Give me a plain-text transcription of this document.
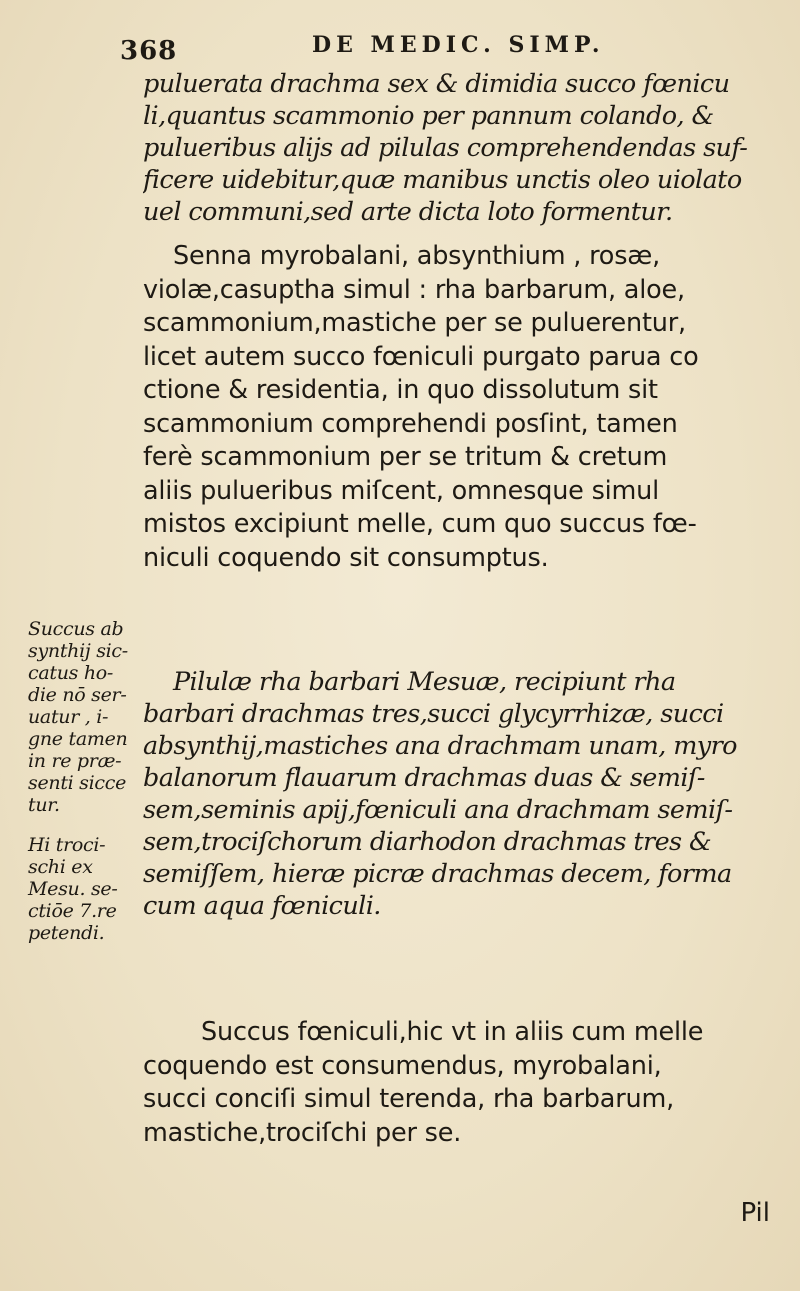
368	DE MEDIC. SIMP.
puluerata drachma sex & dimidia succo fœnicu
li,quantus scammonio per pannum colando, &
pulueribus alijs ad pilulas comprehendendas suf-
ficere uidebitur,quæ manibus unctis oleo uiolato
uel communi,sed arte dicta loto formentur.
Senna myrobalani, absynthium , rosæ,
violæ,casuptha simul : rha barbarum, aloe,
scammonium,mastiche per se puluerentur,
licet autem succo fœniculi purgato parua co
ctione & residentia, in quo dissolutum sit
scammonium comprehendi posſint, tamen
ferè scammonium per se tritum & cretum
aliis pulueribus miſcent, omnesque simul
mistos excipiunt melle, cum quo succus fœ-
niculi coquendo sit consumptus.
Pilulæ rha barbari Mesuæ, recipiunt rha
barbari drachmas tres,succi glycyrrhizæ, succi
absynthij,mastiches ana drachmam unam, myro
balanorum flauarum drachmas duas & semiſ-
sem,seminis apij,fœniculi ana drachmam semiſ-
sem,trociſchorum diarhodon drachmas tres &
semiſſem, hieræ picræ drachmas decem, forma
cum aqua fœniculi.
Succus fœniculi,hic vt in aliis cum melle
coquendo est consumendus, myrobalani,
succi conciſi simul terenda, rha barbarum,
mastiche,trociſchi per se.
Succus ab
synthij sic-
catus ho-
die nō ser-
uatur , i-
gne tamen
in re præ-
senti sicce
tur.
Hi troci-
schi ex
Mesu. se-
ctiōe 7.re
petendi.
Pil
